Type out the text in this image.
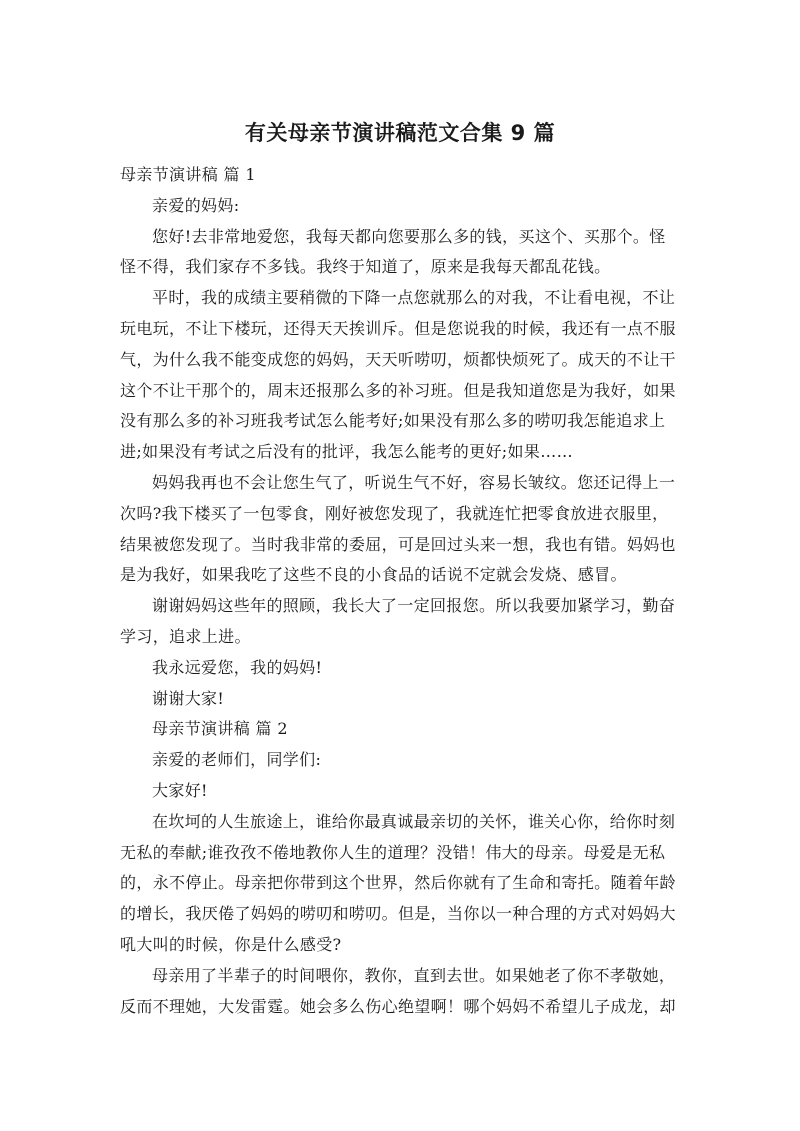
有关母亲节演讲稿范文合集 9 篇

母亲节演讲稿 篇 1

亲爱的妈妈:

您好!去非常地爱您，我每天都向您要那么多的钱，买这个、买那个。怪怪不得，我们家存不多钱。我终于知道了，原来是我每天都乱花钱。

平时，我的成绩主要稍微的下降一点您就那么的对我，不让看电视，不让玩电玩，不让下楼玩，还得天天挨训斥。但是您说我的时候，我还有一点不服气，为什么我不能变成您的妈妈，天天听唠叨，烦都快烦死了。成天的不让干这个不让干那个的，周末还报那么多的补习班。但是我知道您是为我好，如果没有那么多的补习班我考试怎么能考好;如果没有那么多的唠叨我怎能追求上进;如果没有考试之后没有的批评，我怎么能考的更好;如果……

妈妈我再也不会让您生气了，听说生气不好，容易长皱纹。您还记得上一次吗?我下楼买了一包零食，刚好被您发现了，我就连忙把零食放进衣服里，结果被您发现了。当时我非常的委屈，可是回过头来一想，我也有错。妈妈也是为我好，如果我吃了这些不良的小食品的话说不定就会发烧、感冒。

谢谢妈妈这些年的照顾，我长大了一定回报您。所以我要加紧学习，勤奋学习，追求上进。

我永远爱您，我的妈妈!

谢谢大家!

母亲节演讲稿 篇 2

亲爱的老师们，同学们:

大家好!

在坎坷的人生旅途上，谁给你最真诚最亲切的关怀，谁关心你，给你时刻无私的奉献;谁孜孜不倦地教你人生的道理？没错！伟大的母亲。母爱是无私的，永不停止。母亲把你带到这个世界，然后你就有了生命和寄托。随着年龄的增长，我厌倦了妈妈的唠叨和唠叨。但是，当你以一种合理的方式对妈妈大吼大叫的时候，你是什么感受?

母亲用了半辈子的时间喂你，教你，直到去世。如果她老了你不孝敬她，反而不理她，大发雷霆。她会多么伤心绝望啊！哪个妈妈不希望儿子成龙，却
